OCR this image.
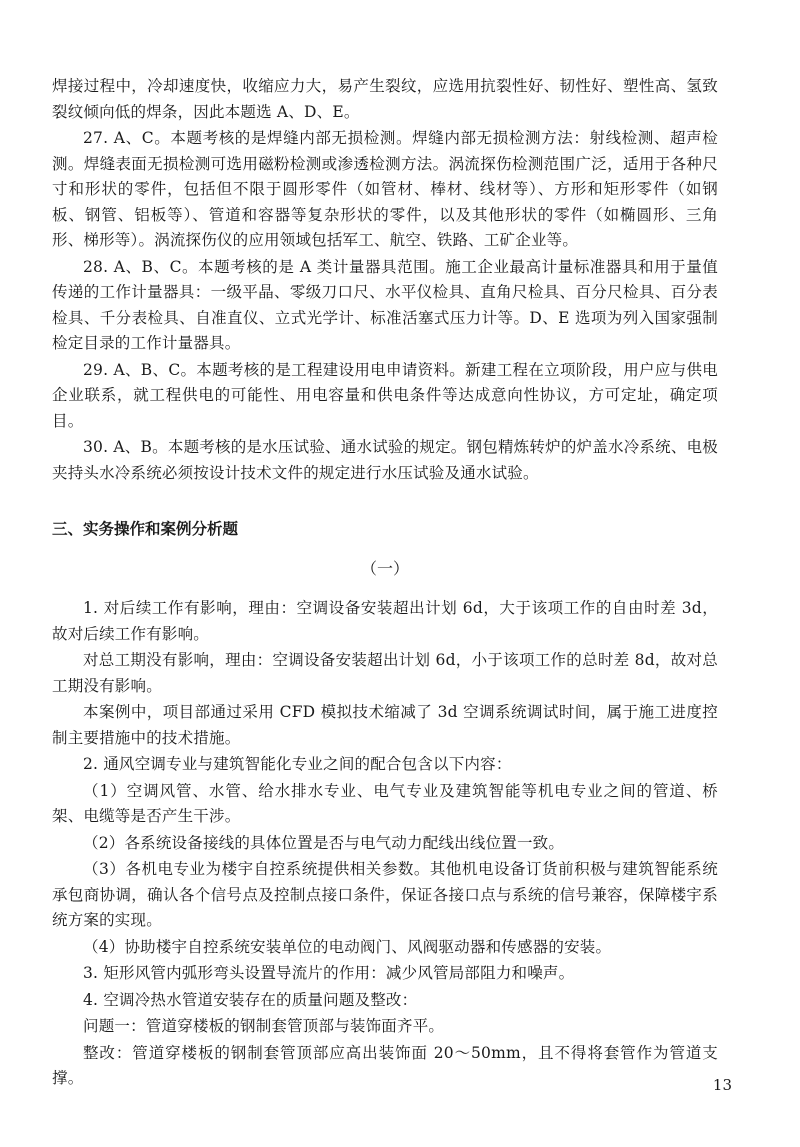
焊接过程中，冷却速度快，收缩应力大，易产生裂纹，应选用抗裂性好、韧性好、塑性高、氢致裂纹倾向低的焊条，因此本题选 A、D、E。

27. A、C。本题考核的是焊缝内部无损检测。焊缝内部无损检测方法：射线检测、超声检测。焊缝表面无损检测可选用磁粉检测或渗透检测方法。涡流探伤检测范围广泛，适用于各种尺寸和形状的零件，包括但不限于圆形零件（如管材、棒材、线材等）、方形和矩形零件（如钢板、钢管、铝板等）、管道和容器等复杂形状的零件，以及其他形状的零件（如椭圆形、三角形、梯形等）。涡流探伤仪的应用领域包括军工、航空、铁路、工矿企业等。

28. A、B、C。本题考核的是 A 类计量器具范围。施工企业最高计量标准器具和用于量值传递的工作计量器具：一级平晶、零级刀口尺、水平仪检具、直角尺检具、百分尺检具、百分表检具、千分表检具、自准直仪、立式光学计、标准活塞式压力计等。D、E 选项为列入国家强制检定目录的工作计量器具。

29. A、B、C。本题考核的是工程建设用电申请资料。新建工程在立项阶段，用户应与供电企业联系，就工程供电的可能性、用电容量和供电条件等达成意向性协议，方可定址，确定项目。

30. A、B。本题考核的是水压试验、通水试验的规定。钢包精炼转炉的炉盖水冷系统、电极夹持头水冷系统必须按设计技术文件的规定进行水压试验及通水试验。

三、实务操作和案例分析题
（一）

1. 对后续工作有影响，理由：空调设备安装超出计划 6d，大于该项工作的自由时差 3d，故对后续工作有影响。

对总工期没有影响，理由：空调设备安装超出计划 6d，小于该项工作的总时差 8d，故对总工期没有影响。

本案例中，项目部通过采用 CFD 模拟技术缩减了 3d 空调系统调试时间，属于施工进度控制主要措施中的技术措施。

2. 通风空调专业与建筑智能化专业之间的配合包含以下内容：

（1）空调风管、水管、给水排水专业、电气专业及建筑智能等机电专业之间的管道、桥架、电缆等是否产生干涉。

（2）各系统设备接线的具体位置是否与电气动力配线出线位置一致。

（3）各机电专业为楼宇自控系统提供相关参数。其他机电设备订货前积极与建筑智能系统承包商协调，确认各个信号点及控制点接口条件，保证各接口点与系统的信号兼容，保障楼宇系统方案的实现。

（4）协助楼宇自控系统安装单位的电动阀门、风阀驱动器和传感器的安装。

3. 矩形风管内弧形弯头设置导流片的作用：减少风管局部阻力和噪声。

4. 空调冷热水管道安装存在的质量问题及整改：

问题一：管道穿楼板的钢制套管顶部与装饰面齐平。

整改：管道穿楼板的钢制套管顶部应高出装饰面 20～50mm，且不得将套管作为管道支撑。	13
